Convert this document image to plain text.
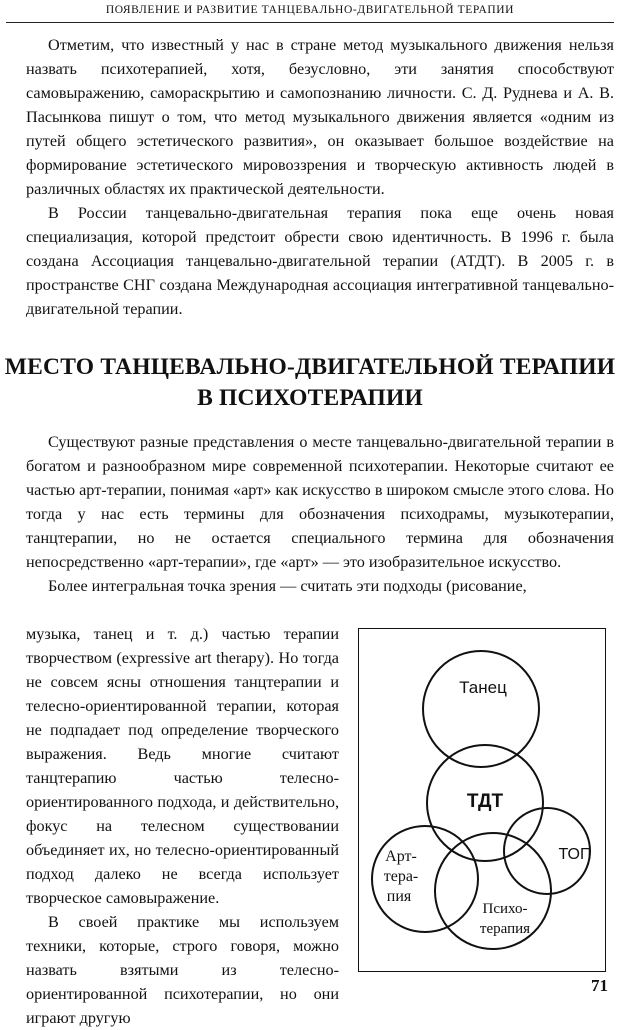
ПОЯВЛЕНИЕ И РАЗВИТИЕ ТАНЦЕВАЛЬНО-ДВИГАТЕЛЬНОЙ ТЕРАПИИ

Отметим, что известный у нас в стране метод музыкального движения нельзя назвать психотерапией, хотя, безусловно, эти занятия способствуют самовыражению, самораскрытию и самопознанию личности. С. Д. Руднева и А. В. Пасынкова пишут о том, что метод музыкального движения является «одним из путей общего эстетического развития», он оказывает большое воздействие на формирование эстетического мировоззрения и творческую активность людей в различных областях их практической деятельности.

В России танцевально-двигательная терапия пока еще очень новая специализация, которой предстоит обрести свою идентичность. В 1996 г. была создана Ассоциация танцевально-двигательной терапии (АТДТ). В 2005 г. в пространстве СНГ создана Международная ассоциация интегративной танцевально-двигательной терапии.

МЕСТО ТАНЦЕВАЛЬНО-ДВИГАТЕЛЬНОЙ ТЕРАПИИ
В ПСИХОТЕРАПИИ

Существуют разные представления о месте танцевально-двигательной терапии в богатом и разнообразном мире современной психотерапии. Некоторые считают ее частью арт-терапии, понимая «арт» как искусство в широком смысле этого слова. Но тогда у нас есть термины для обозначения психодрамы, музыкотерапии, танцтерапии, но не остается специального термина для обозначения непосредственно «арт-терапии», где «арт» — это изобразительное искусство.

Более интегральная точка зрения — считать эти подходы (рисование,

музыка, танец и т. д.) частью терапии творчеством (expressive art therapy). Но тогда не совсем ясны отношения танцтерапии и телесно-ориентированной терапии, которая не подпадает под определение творческого выражения. Ведь многие считают танцтерапию частью телесно-ориентированного подхода, и действительно, фокус на телесном существовании объединяет их, но телесно-ориентированный подход далеко не всегда использует творческое самовыражение.

В своей практике мы используем техники, которые, строго говоря, можно назвать взятыми из телесно-ориентированной психотерапии, но они играют другую

Танец
ТДТ
Арт-
тера-
пия
ТОП
Психо-
терапия
71
